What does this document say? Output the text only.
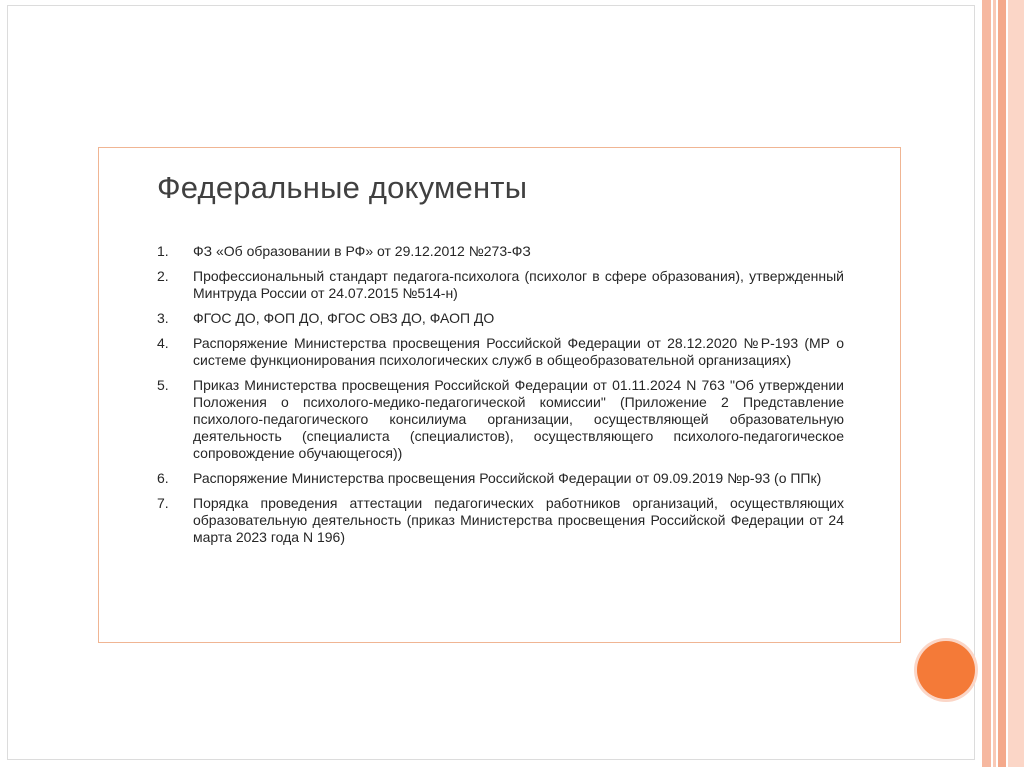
Федеральные документы
1.	ФЗ «Об образовании в РФ» от 29.12.2012 №273-ФЗ
2.	Профессиональный стандарт педагога-психолога (психолог в сфере образования), утвержденный Минтруда России от 24.07.2015 №514-н)
3.	ФГОС ДО, ФОП ДО, ФГОС ОВЗ ДО, ФАОП ДО
4.	Распоряжение Министерства просвещения Российской Федерации от 28.12.2020 №Р-193 (МР о системе функционирования психологических служб в общеобразовательной организациях)
5.	Приказ Министерства просвещения Российской Федерации от 01.11.2024 N 763 "Об утверждении Положения о психолого-медико-педагогической комиссии" (Приложение 2 Представление психолого-педагогического консилиума организации, осуществляющей образовательную деятельность (специалиста (специалистов), осуществляющего психолого-педагогическое сопровождение обучающегося))
6.	Распоряжение Министерства просвещения Российской Федерации от 09.09.2019 №р-93 (о ППк)
7.	Порядка проведения аттестации педагогических работников организаций, осуществляющих образовательную деятельность (приказ Министерства просвещения Российской Федерации от 24 марта 2023 года N 196)
